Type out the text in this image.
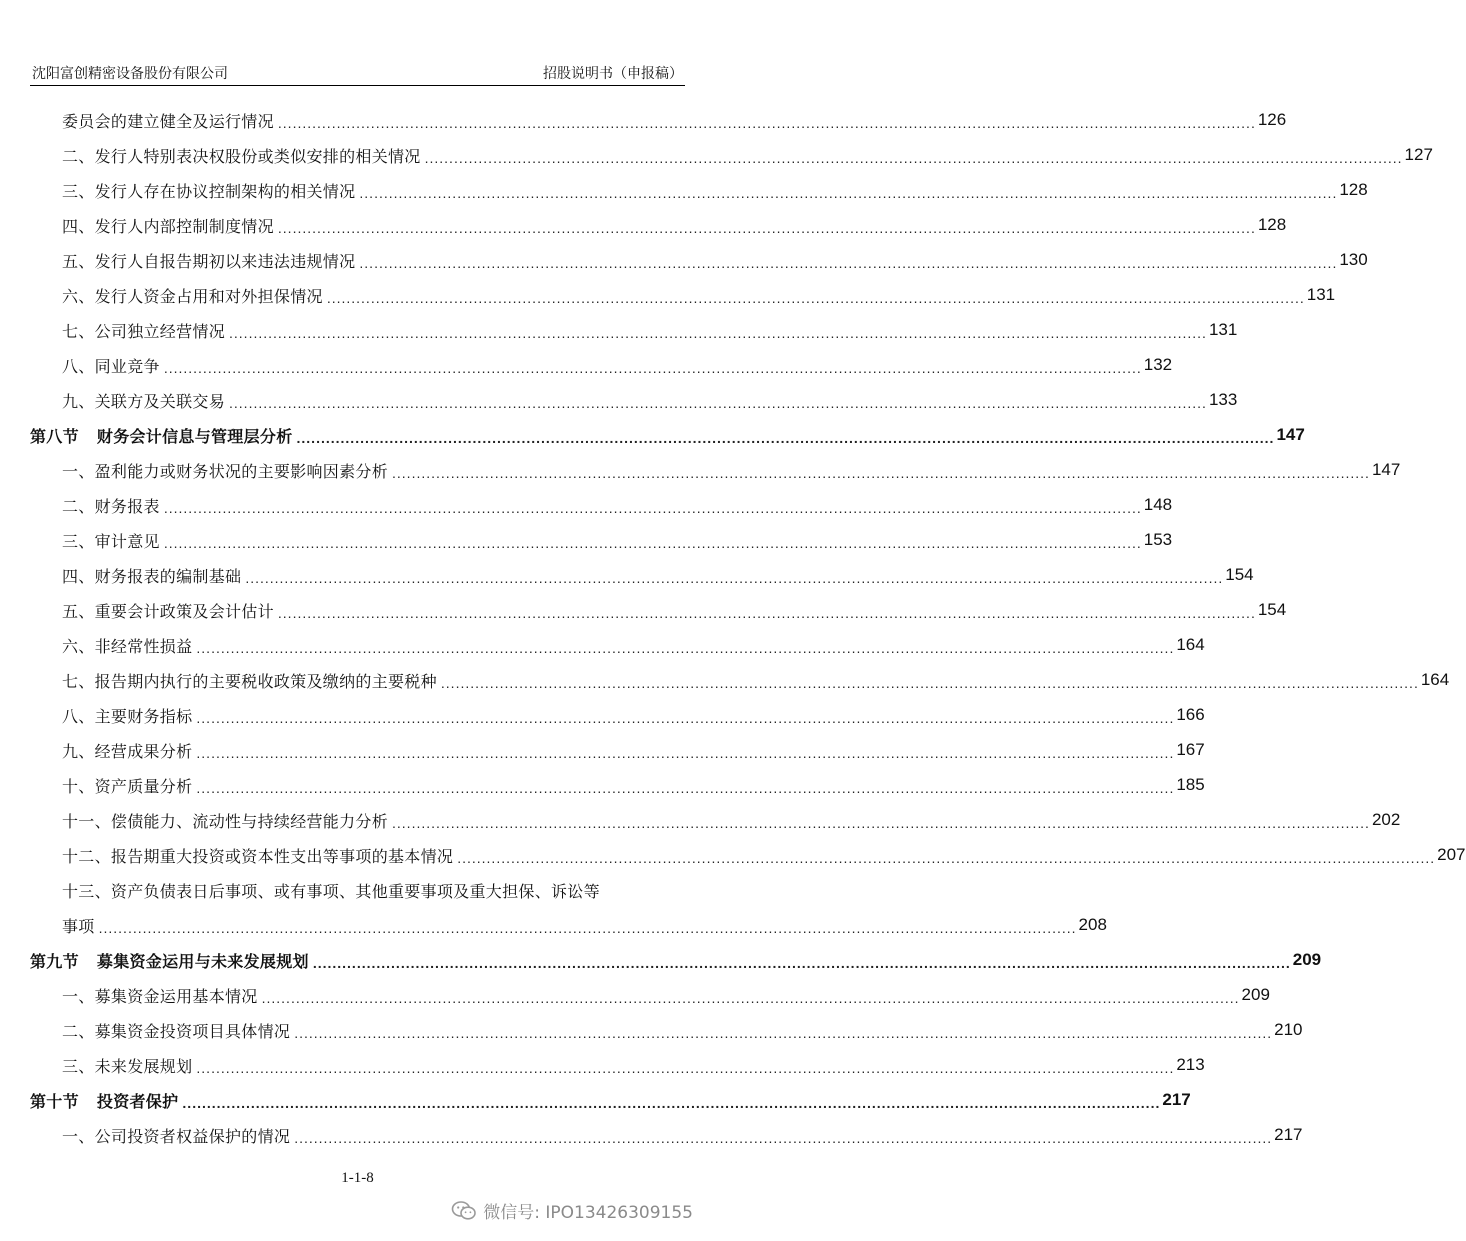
沈阳富创精密设备股份有限公司	招股说明书（申报稿）
委员会的建立健全及运行情况 ........................................................................................................................................................................................................ 126
二、发行人特别表决权股份或类似安排的相关情况 ........................................................................................................................................................................................................ 127
三、发行人存在协议控制架构的相关情况 ........................................................................................................................................................................................................ 128
四、发行人内部控制制度情况 ........................................................................................................................................................................................................ 128
五、发行人自报告期初以来违法违规情况 ........................................................................................................................................................................................................ 130
六、发行人资金占用和对外担保情况 ........................................................................................................................................................................................................ 131
七、公司独立经营情况 ........................................................................................................................................................................................................ 131
八、同业竞争 ........................................................................................................................................................................................................ 132
九、关联方及关联交易 ........................................................................................................................................................................................................ 133
第八节 财务会计信息与管理层分析 ........................................................................................................................................................................................................ 147
一、盈利能力或财务状况的主要影响因素分析 ........................................................................................................................................................................................................ 147
二、财务报表 ........................................................................................................................................................................................................ 148
三、审计意见 ........................................................................................................................................................................................................ 153
四、财务报表的编制基础 ........................................................................................................................................................................................................ 154
五、重要会计政策及会计估计 ........................................................................................................................................................................................................ 154
六、非经常性损益 ........................................................................................................................................................................................................ 164
七、报告期内执行的主要税收政策及缴纳的主要税种 ........................................................................................................................................................................................................ 164
八、主要财务指标 ........................................................................................................................................................................................................ 166
九、经营成果分析 ........................................................................................................................................................................................................ 167
十、资产质量分析 ........................................................................................................................................................................................................ 185
十一、偿债能力、流动性与持续经营能力分析 ........................................................................................................................................................................................................ 202
十二、报告期重大投资或资本性支出等事项的基本情况 ........................................................................................................................................................................................................ 207
十三、资产负债表日后事项、或有事项、其他重要事项及重大担保、诉讼等
事项 ........................................................................................................................................................................................................ 208
第九节 募集资金运用与未来发展规划 ........................................................................................................................................................................................................ 209
一、募集资金运用基本情况 ........................................................................................................................................................................................................ 209
二、募集资金投资项目具体情况 ........................................................................................................................................................................................................ 210
三、未来发展规划 ........................................................................................................................................................................................................ 213
第十节 投资者保护 ........................................................................................................................................................................................................ 217
一、公司投资者权益保护的情况 ........................................................................................................................................................................................................ 217
1-1-8
微信号: IPO13426309155
